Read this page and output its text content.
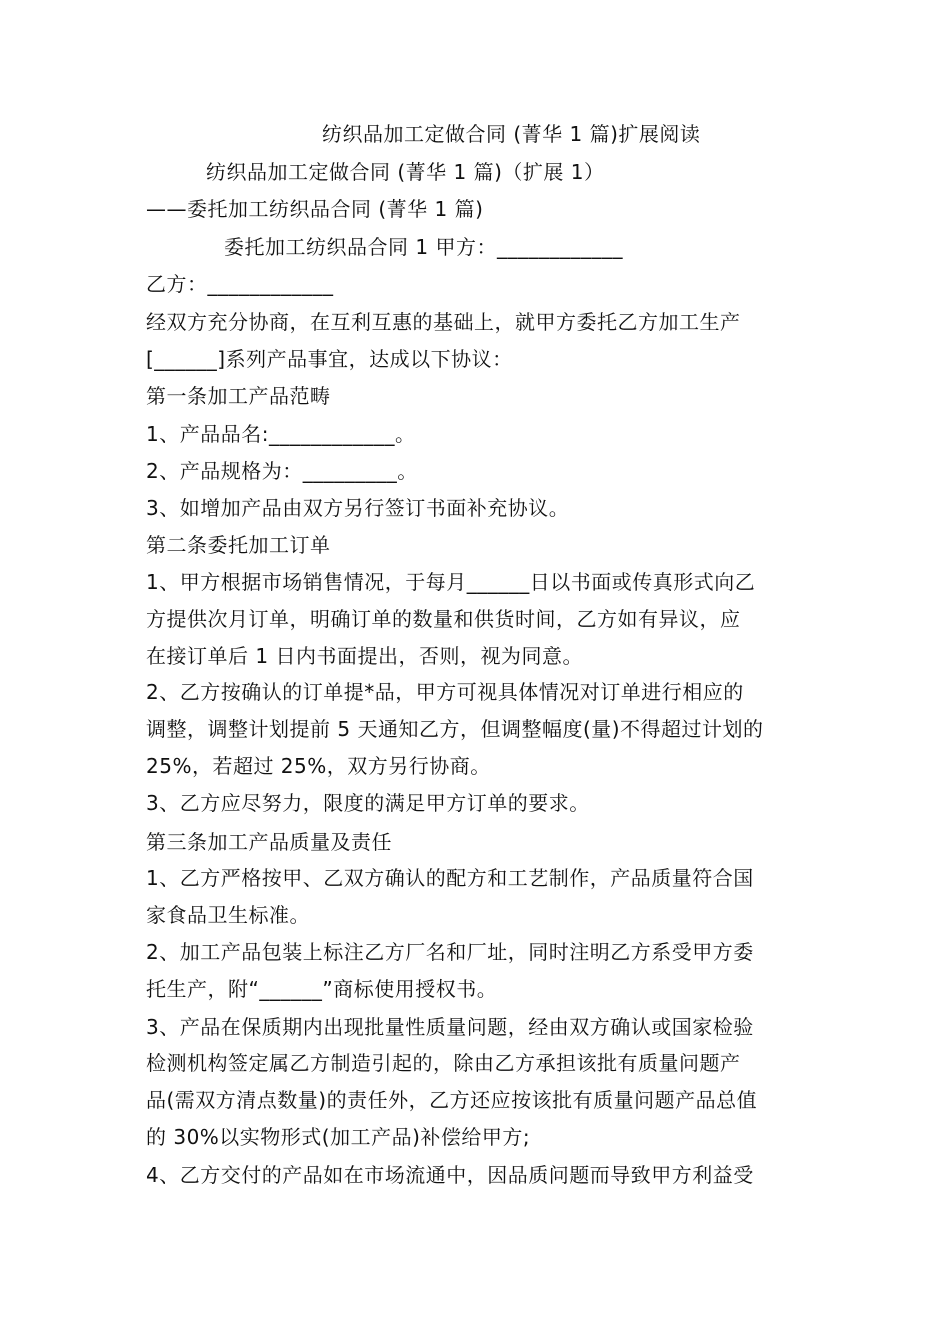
纺织品加工定做合同 (菁华 1 篇)扩展阅读
纺织品加工定做合同 (菁华 1 篇)（扩展 1）
——委托加工纺织品合同 (菁华 1 篇)
委托加工纺织品合同 1 甲方：____________
乙方：____________
经双方充分协商，在互利互惠的基础上，就甲方委托乙方加工生产
[______]系列产品事宜，达成以下协议：
第一条加工产品范畴
1、产品品名:____________。
2、产品规格为：_________。
3、如增加产品由双方另行签订书面补充协议。
第二条委托加工订单
1、甲方根据市场销售情况，于每月______日以书面或传真形式向乙
方提供次月订单，明确订单的数量和供货时间，乙方如有异议，应
在接订单后 1 日内书面提出，否则，视为同意。
2、乙方按确认的订单提*品，甲方可视具体情况对订单进行相应的
调整，调整计划提前 5 天通知乙方，但调整幅度(量)不得超过计划的
25%，若超过 25%，双方另行协商。
3、乙方应尽努力，限度的满足甲方订单的要求。
第三条加工产品质量及责任
1、乙方严格按甲、乙双方确认的配方和工艺制作，产品质量符合国
家食品卫生标准。
2、加工产品包装上标注乙方厂名和厂址，同时注明乙方系受甲方委
托生产，附“______”商标使用授权书。
3、产品在保质期内出现批量性质量问题，经由双方确认或国家检验
检测机构签定属乙方制造引起的，除由乙方承担该批有质量问题产
品(需双方清点数量)的责任外，乙方还应按该批有质量问题产品总值
的 30%以实物形式(加工产品)补偿给甲方;
4、乙方交付的产品如在市场流通中，因品质问题而导致甲方利益受
